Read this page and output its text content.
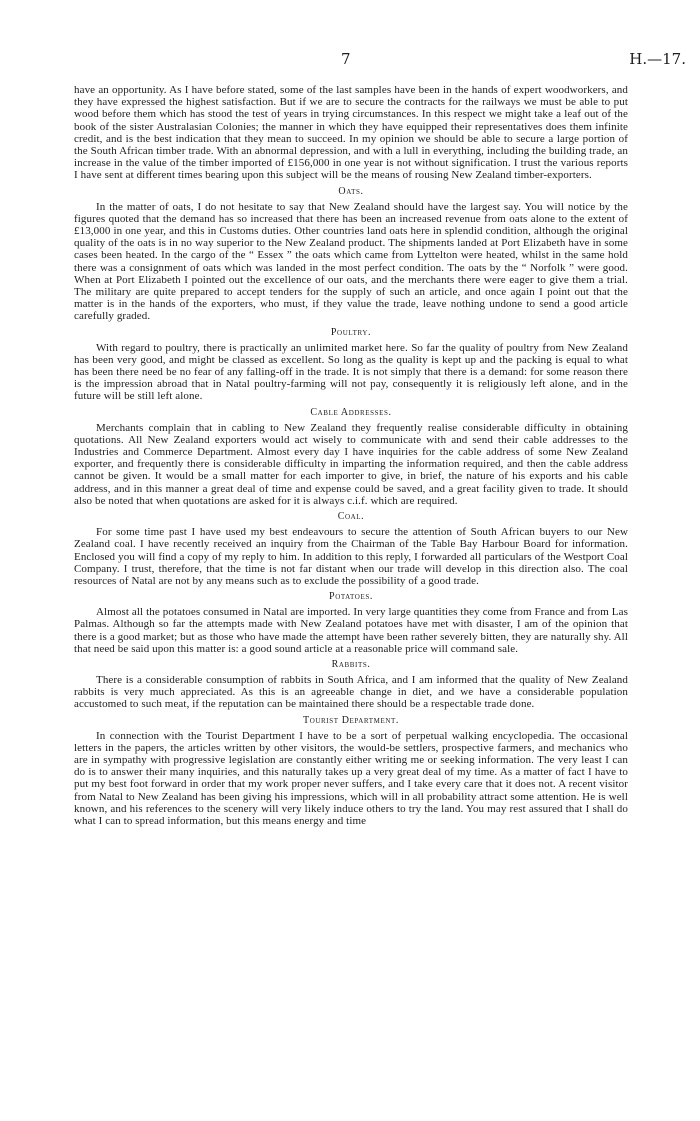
7	H.—17.

have an opportunity. As I have before stated, some of the last samples have been in the hands of expert woodworkers, and they have expressed the highest satisfaction. But if we are to secure the contracts for the railways we must be able to put wood before them which has stood the test of years in trying circumstances. In this respect we might take a leaf out of the book of the sister Australasian Colonies; the manner in which they have equipped their representatives does them infinite credit, and is the best indication that they mean to succeed. In my opinion we should be able to secure a large portion of the South African timber trade. With an abnormal depression, and with a lull in everything, including the building trade, an increase in the value of the timber imported of £156,000 in one year is not without signification. I trust the various reports I have sent at different times bearing upon this subject will be the means of rousing New Zealand timber-exporters.

Oats.

In the matter of oats, I do not hesitate to say that New Zealand should have the largest say. You will notice by the figures quoted that the demand has so increased that there has been an increased revenue from oats alone to the extent of £13,000 in one year, and this in Customs duties. Other countries land oats here in splendid condition, although the original quality of the oats is in no way superior to the New Zealand product. The shipments landed at Port Elizabeth have in some cases been heated. In the cargo of the “ Essex ” the oats which came from Lyttelton were heated, whilst in the same hold there was a consignment of oats which was landed in the most perfect condition. The oats by the “ Norfolk ” were good. When at Port Elizabeth I pointed out the excellence of our oats, and the merchants there were eager to give them a trial. The military are quite prepared to accept tenders for the supply of such an article, and once again I point out that the matter is in the hands of the exporters, who must, if they value the trade, leave nothing undone to send a good article carefully graded.

Poultry.

With regard to poultry, there is practically an unlimited market here. So far the quality of poultry from New Zealand has been very good, and might be classed as excellent. So long as the quality is kept up and the packing is equal to what has been there need be no fear of any falling-off in the trade. It is not simply that there is a demand: for some reason there is the impression abroad that in Natal poultry-farming will not pay, consequently it is religiously left alone, and in the future will be still left alone.

Cable Addresses.

Merchants complain that in cabling to New Zealand they frequently realise considerable difficulty in obtaining quotations. All New Zealand exporters would act wisely to communicate with and send their cable addresses to the Industries and Commerce Department. Almost every day I have inquiries for the cable address of some New Zealand exporter, and frequently there is considerable difficulty in imparting the information required, and then the cable address cannot be given. It would be a small matter for each importer to give, in brief, the nature of his exports and his cable address, and in this manner a great deal of time and expense could be saved, and a great facility given to trade. It should also be noted that when quotations are asked for it is always c.i.f. which are required.

Coal.

For some time past I have used my best endeavours to secure the attention of South African buyers to our New Zealand coal. I have recently received an inquiry from the Chairman of the Table Bay Harbour Board for information. Enclosed you will find a copy of my reply to him. In addition to this reply, I forwarded all particulars of the Westport Coal Company. I trust, therefore, that the time is not far distant when our trade will develop in this direction also. The coal resources of Natal are not by any means such as to exclude the possibility of a good trade.

Potatoes.

Almost all the potatoes consumed in Natal are imported. In very large quantities they come from France and from Las Palmas. Although so far the attempts made with New Zealand potatoes have met with disaster, I am of the opinion that there is a good market; but as those who have made the attempt have been rather severely bitten, they are naturally shy. All that need be said upon this matter is: a good sound article at a reasonable price will command sale.

Rabbits.

There is a considerable consumption of rabbits in South Africa, and I am informed that the quality of New Zealand rabbits is very much appreciated. As this is an agreeable change in diet, and we have a considerable population accustomed to such meat, if the reputation can be maintained there should be a respectable trade done.

Tourist Department.

In connection with the Tourist Department I have to be a sort of perpetual walking encyclopedia. The occasional letters in the papers, the articles written by other visitors, the would-be settlers, prospective farmers, and mechanics who are in sympathy with progressive legislation are constantly either writing me or seeking information. The very least I can do is to answer their many inquiries, and this naturally takes up a very great deal of my time. As a matter of fact I have to put my best foot forward in order that my work proper never suffers, and I take every care that it does not. A recent visitor from Natal to New Zealand has been giving his impressions, which will in all probability attract some attention. He is well known, and his references to the scenery will very likely induce others to try the land. You may rest assured that I shall do what I can to spread information, but this means energy and time
